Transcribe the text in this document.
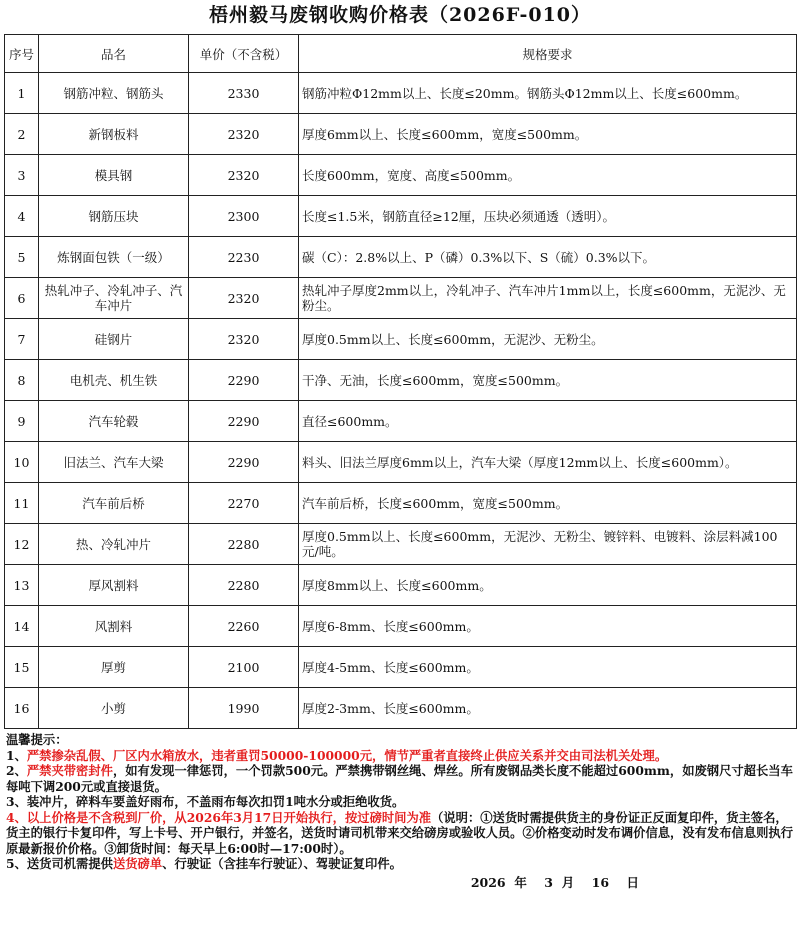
梧州毅马废钢收购价格表（2026F-010）
序号	品名	单价（不含税）	规格要求
1	钢筋冲粒、钢筋头	2330	钢筋冲粒Φ12mm以上、长度≤20mm。钢筋头Φ12mm以上、长度≤600mm。
2	新钢板料	2320	厚度6mm以上、长度≤600mm，宽度≤500mm。
3	模具钢	2320	长度600mm，宽度、高度≤500mm。
4	钢筋压块	2300	长度≤1.5米，钢筋直径≥12厘，压块必须通透（透明）。
5	炼钢面包铁（一级）	2230	碳（C）：2.8%以上、P（磷）0.3%以下、S（硫）0.3%以下。
6	热轧冲子、冷轧冲子、汽车冲片	2320	热轧冲子厚度2mm以上，冷轧冲子、汽车冲片1mm以上，长度≤600mm，无泥沙、无粉尘。
7	硅钢片	2320	厚度0.5mm以上、长度≤600mm，无泥沙、无粉尘。
8	电机壳、机生铁	2290	干净、无油，长度≤600mm，宽度≤500mm。
9	汽车轮毂	2290	直径≤600mm。
10	旧法兰、汽车大梁	2290	料头、旧法兰厚度6mm以上，汽车大梁（厚度12mm以上、长度≤600mm）。
11	汽车前后桥	2270	汽车前后桥，长度≤600mm，宽度≤500mm。
12	热、冷轧冲片	2280	厚度0.5mm以上、长度≤600mm，无泥沙、无粉尘、镀锌料、电镀料、涂层料减100元/吨。
13	厚风割料	2280	厚度8mm以上、长度≤600mm。
14	风割料	2260	厚度6-8mm、长度≤600mm。
15	厚剪	2100	厚度4-5mm、长度≤600mm。
16	小剪	1990	厚度2-3mm、长度≤600mm。

温馨提示：

1、严禁掺杂乱假、厂区内水箱放水，违者重罚50000-100000元，情节严重者直接终止供应关系并交由司法机关处理。

2、严禁夹带密封件，如有发现一律惩罚，一个罚款500元。严禁携带钢丝绳、焊丝。所有废钢品类长度不能超过600mm，如废钢尺寸超长当车每吨下调200元或直接退货。

3、装冲片，碎料车要盖好雨布，不盖雨布每次扣罚1吨水分或拒绝收货。

4、以上价格是不含税到厂价，从2026年3月17日开始执行，按过磅时间为准（说明：①送货时需提供货主的身份证正反面复印件，货主签名，货主的银行卡复印件，写上卡号、开户银行，并签名，送货时请司机带来交给磅房或验收人员。②价格变动时发布调价信息，没有发布信息则执行原最新报价价格。③卸货时间：每天早上6:00时—17:00时）。

5、送货司机需提供送货磅单、行驶证（含挂车行驶证）、驾驶证复印件。

2026 年 3 月 16 日
